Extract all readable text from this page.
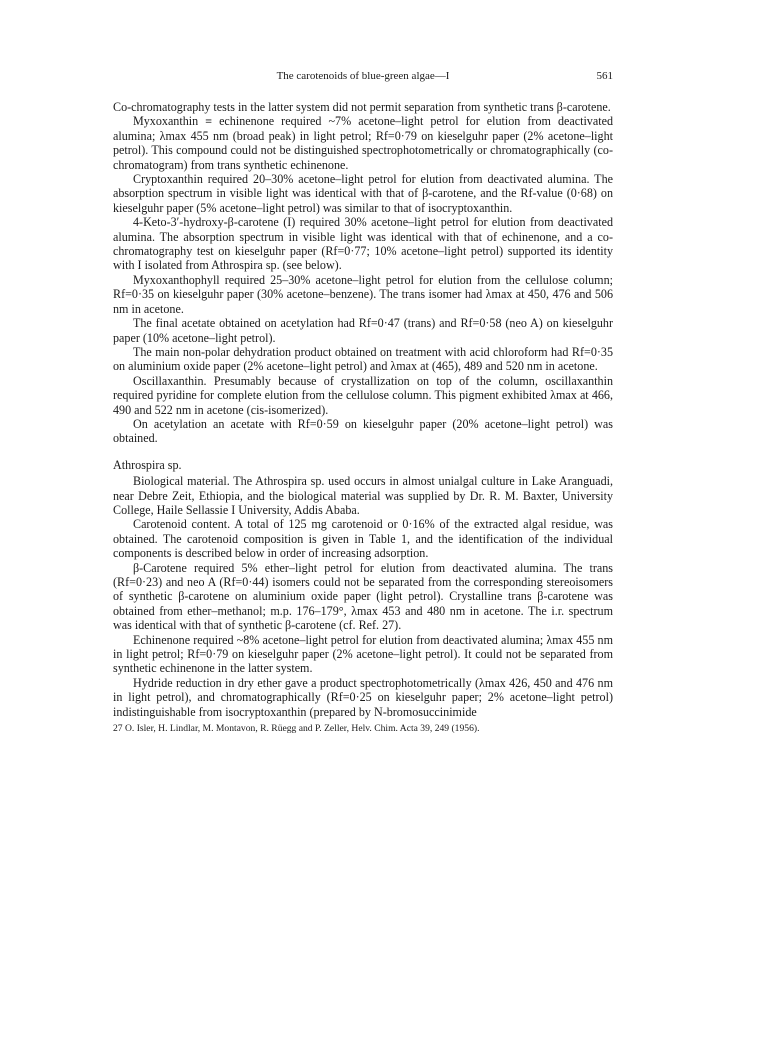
The carotenoids of blue-green algae—I	561

Co-chromatography tests in the latter system did not permit separation from synthetic trans β-carotene.

Myxoxanthin ≡ echinenone required ~7% acetone–light petrol for elution from deactivated alumina; λmax 455 nm (broad peak) in light petrol; Rf=0·79 on kieselguhr paper (2% acetone–light petrol). This compound could not be distinguished spectrophotometrically or chromatographically (co-chromatogram) from trans synthetic echinenone.

Cryptoxanthin required 20–30% acetone–light petrol for elution from deactivated alumina. The absorption spectrum in visible light was identical with that of β-carotene, and the Rf-value (0·68) on kieselguhr paper (5% acetone–light petrol) was similar to that of isocryptoxanthin.

4-Keto-3′-hydroxy-β-carotene (I) required 30% acetone–light petrol for elution from deactivated alumina. The absorption spectrum in visible light was identical with that of echinenone, and a co-chromatography test on kieselguhr paper (Rf=0·77; 10% acetone–light petrol) supported its identity with I isolated from Athrospira sp. (see below).

Myxoxanthophyll required 25–30% acetone–light petrol for elution from the cellulose column; Rf=0·35 on kieselguhr paper (30% acetone–benzene). The trans isomer had λmax at 450, 476 and 506 nm in acetone.

The final acetate obtained on acetylation had Rf=0·47 (trans) and Rf=0·58 (neo A) on kieselguhr paper (10% acetone–light petrol).

The main non-polar dehydration product obtained on treatment with acid chloroform had Rf=0·35 on aluminium oxide paper (2% acetone–light petrol) and λmax at (465), 489 and 520 nm in acetone.

Oscillaxanthin. Presumably because of crystallization on top of the column, oscillaxanthin required pyridine for complete elution from the cellulose column. This pigment exhibited λmax at 466, 490 and 522 nm in acetone (cis-isomerized).

On acetylation an acetate with Rf=0·59 on kieselguhr paper (20% acetone–light petrol) was obtained.

Athrospira sp.

Biological material. The Athrospira sp. used occurs in almost unialgal culture in Lake Aranguadi, near Debre Zeit, Ethiopia, and the biological material was supplied by Dr. R. M. Baxter, University College, Haile Sellassie I University, Addis Ababa.

Carotenoid content. A total of 125 mg carotenoid or 0·16% of the extracted algal residue, was obtained. The carotenoid composition is given in Table 1, and the identification of the individual components is described below in order of increasing adsorption.

β-Carotene required 5% ether–light petrol for elution from deactivated alumina. The trans (Rf=0·23) and neo A (Rf=0·44) isomers could not be separated from the corresponding stereoisomers of synthetic β-carotene on aluminium oxide paper (light petrol). Crystalline trans β-carotene was obtained from ether–methanol; m.p. 176–179°, λmax 453 and 480 nm in acetone. The i.r. spectrum was identical with that of synthetic β-carotene (cf. Ref. 27).

Echinenone required ~8% acetone–light petrol for elution from deactivated alumina; λmax 455 nm in light petrol; Rf=0·79 on kieselguhr paper (2% acetone–light petrol). It could not be separated from synthetic echinenone in the latter system.

Hydride reduction in dry ether gave a product spectrophotometrically (λmax 426, 450 and 476 nm in light petrol), and chromatographically (Rf=0·25 on kieselguhr paper; 2% acetone–light petrol) indistinguishable from isocryptoxanthin (prepared by N-bromosuccinimide

27 O. Isler, H. Lindlar, M. Montavon, R. Rüegg and P. Zeller, Helv. Chim. Acta 39, 249 (1956).
